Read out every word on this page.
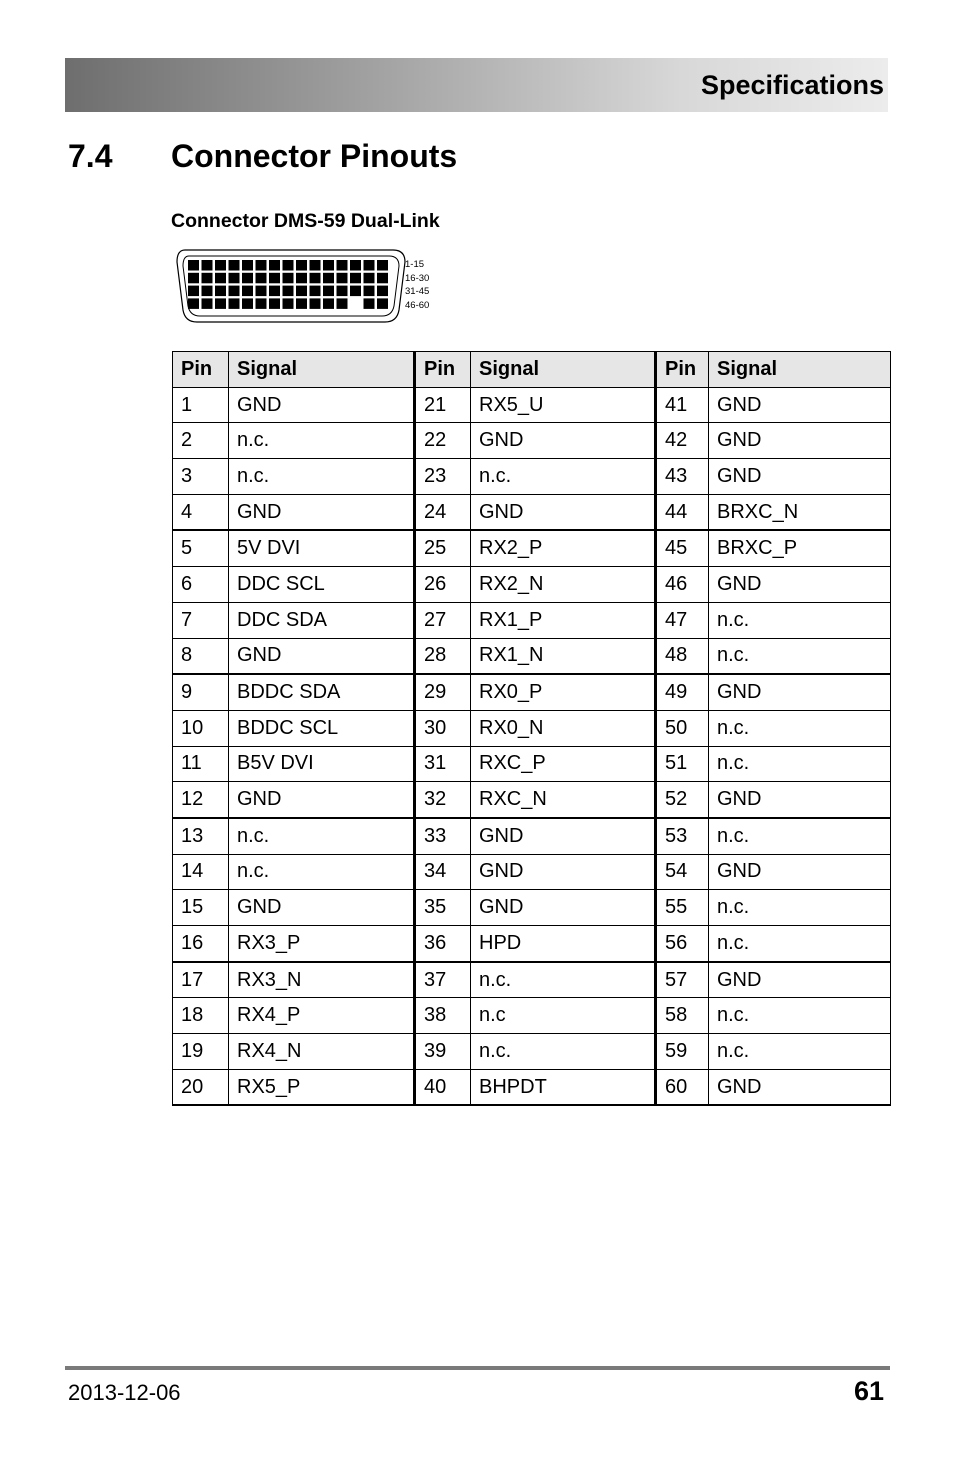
Specifications
7.4 Connector Pinouts
Connector DMS-59 Dual-Link
1-15
16-30
31-45
46-60
Pin	Signal	Pin	Signal	Pin	Signal
1	GND	21	RX5_U	41	GND
2	n.c.	22	GND	42	GND
3	n.c.	23	n.c.	43	GND
4	GND	24	GND	44	BRXC_N
5	5V DVI	25	RX2_P	45	BRXC_P
6	DDC SCL	26	RX2_N	46	GND
7	DDC SDA	27	RX1_P	47	n.c.
8	GND	28	RX1_N	48	n.c.
9	BDDC SDA	29	RX0_P	49	GND
10	BDDC SCL	30	RX0_N	50	n.c.
11	B5V DVI	31	RXC_P	51	n.c.
12	GND	32	RXC_N	52	GND
13	n.c.	33	GND	53	n.c.
14	n.c.	34	GND	54	GND
15	GND	35	GND	55	n.c.
16	RX3_P	36	HPD	56	n.c.
17	RX3_N	37	n.c.	57	GND
18	RX4_P	38	n.c	58	n.c.
19	RX4_N	39	n.c.	59	n.c.
20	RX5_P	40	BHPDT	60	GND
2013-12-06	61
